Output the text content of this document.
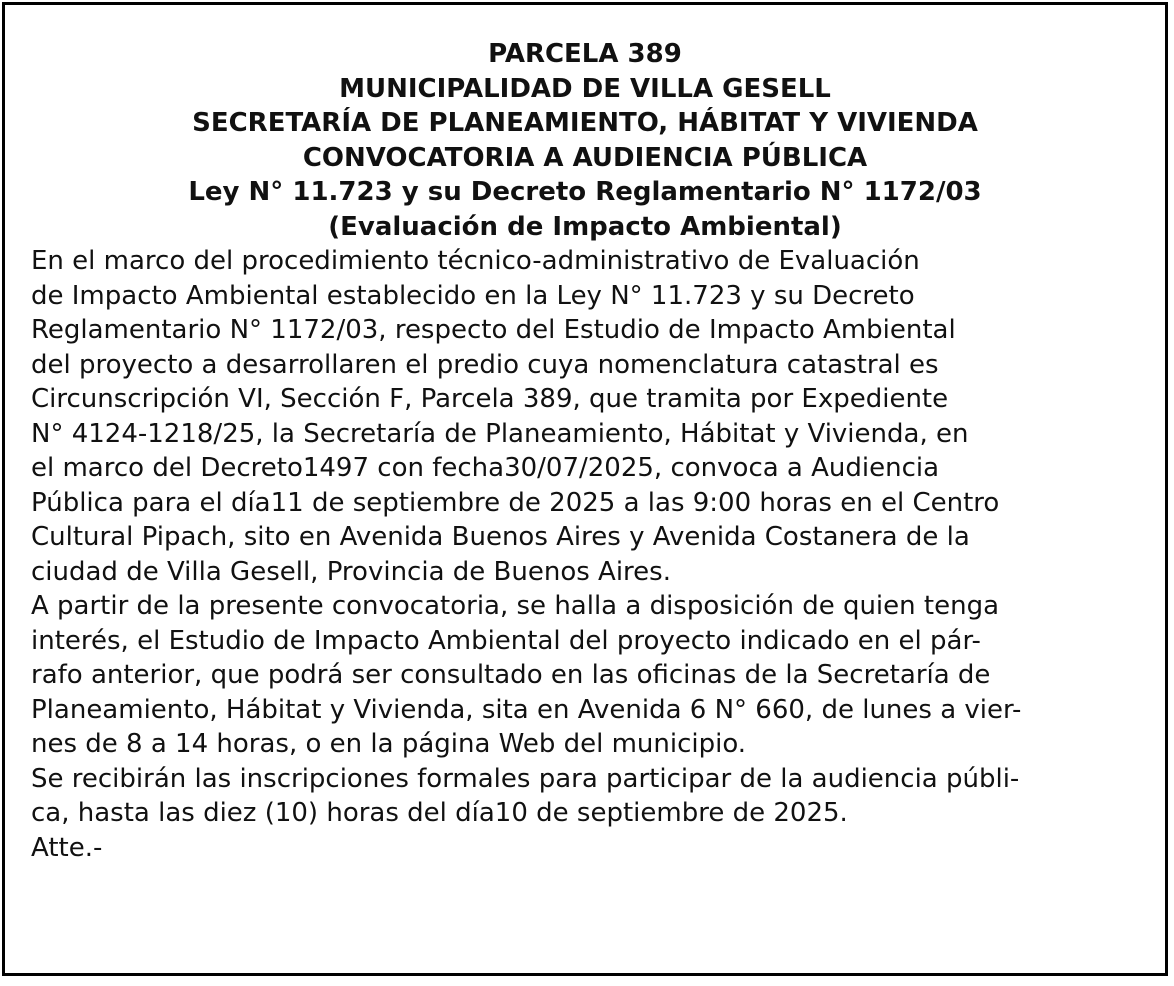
PARCELA 389
MUNICIPALIDAD DE VILLA GESELL
SECRETARÍA DE PLANEAMIENTO, HÁBITAT Y VIVIENDA
CONVOCATORIA A AUDIENCIA PÚBLICA
Ley N° 11.723 y su Decreto Reglamentario N° 1172/03
(Evaluación de Impacto Ambiental)
En el marco del procedimiento técnico-administrativo de Evaluación
de Impacto Ambiental establecido en la Ley N° 11.723 y su Decreto
Reglamentario N° 1172/03, respecto del Estudio de Impacto Ambiental
del proyecto a desarrollaren el predio cuya nomenclatura catastral es
Circunscripción VI, Sección F, Parcela 389, que tramita por Expediente
N° 4124-1218/25, la Secretaría de Planeamiento, Hábitat y Vivienda, en
el marco del Decreto1497 con fecha30/07/2025, convoca a Audiencia
Pública para el día11 de septiembre de 2025 a las 9:00 horas en el Centro
Cultural Pipach, sito en Avenida Buenos Aires y Avenida Costanera de la
ciudad de Villa Gesell, Provincia de Buenos Aires.
A partir de la presente convocatoria, se halla a disposición de quien tenga
interés, el Estudio de Impacto Ambiental del proyecto indicado en el pár-
rafo anterior, que podrá ser consultado en las oficinas de la Secretaría de
Planeamiento, Hábitat y Vivienda, sita en Avenida 6 N° 660, de lunes a vier-
nes de 8 a 14 horas, o en la página Web del municipio.
Se recibirán las inscripciones formales para participar de la audiencia públi-
ca, hasta las diez (10) horas del día10 de septiembre de 2025.
Atte.-
